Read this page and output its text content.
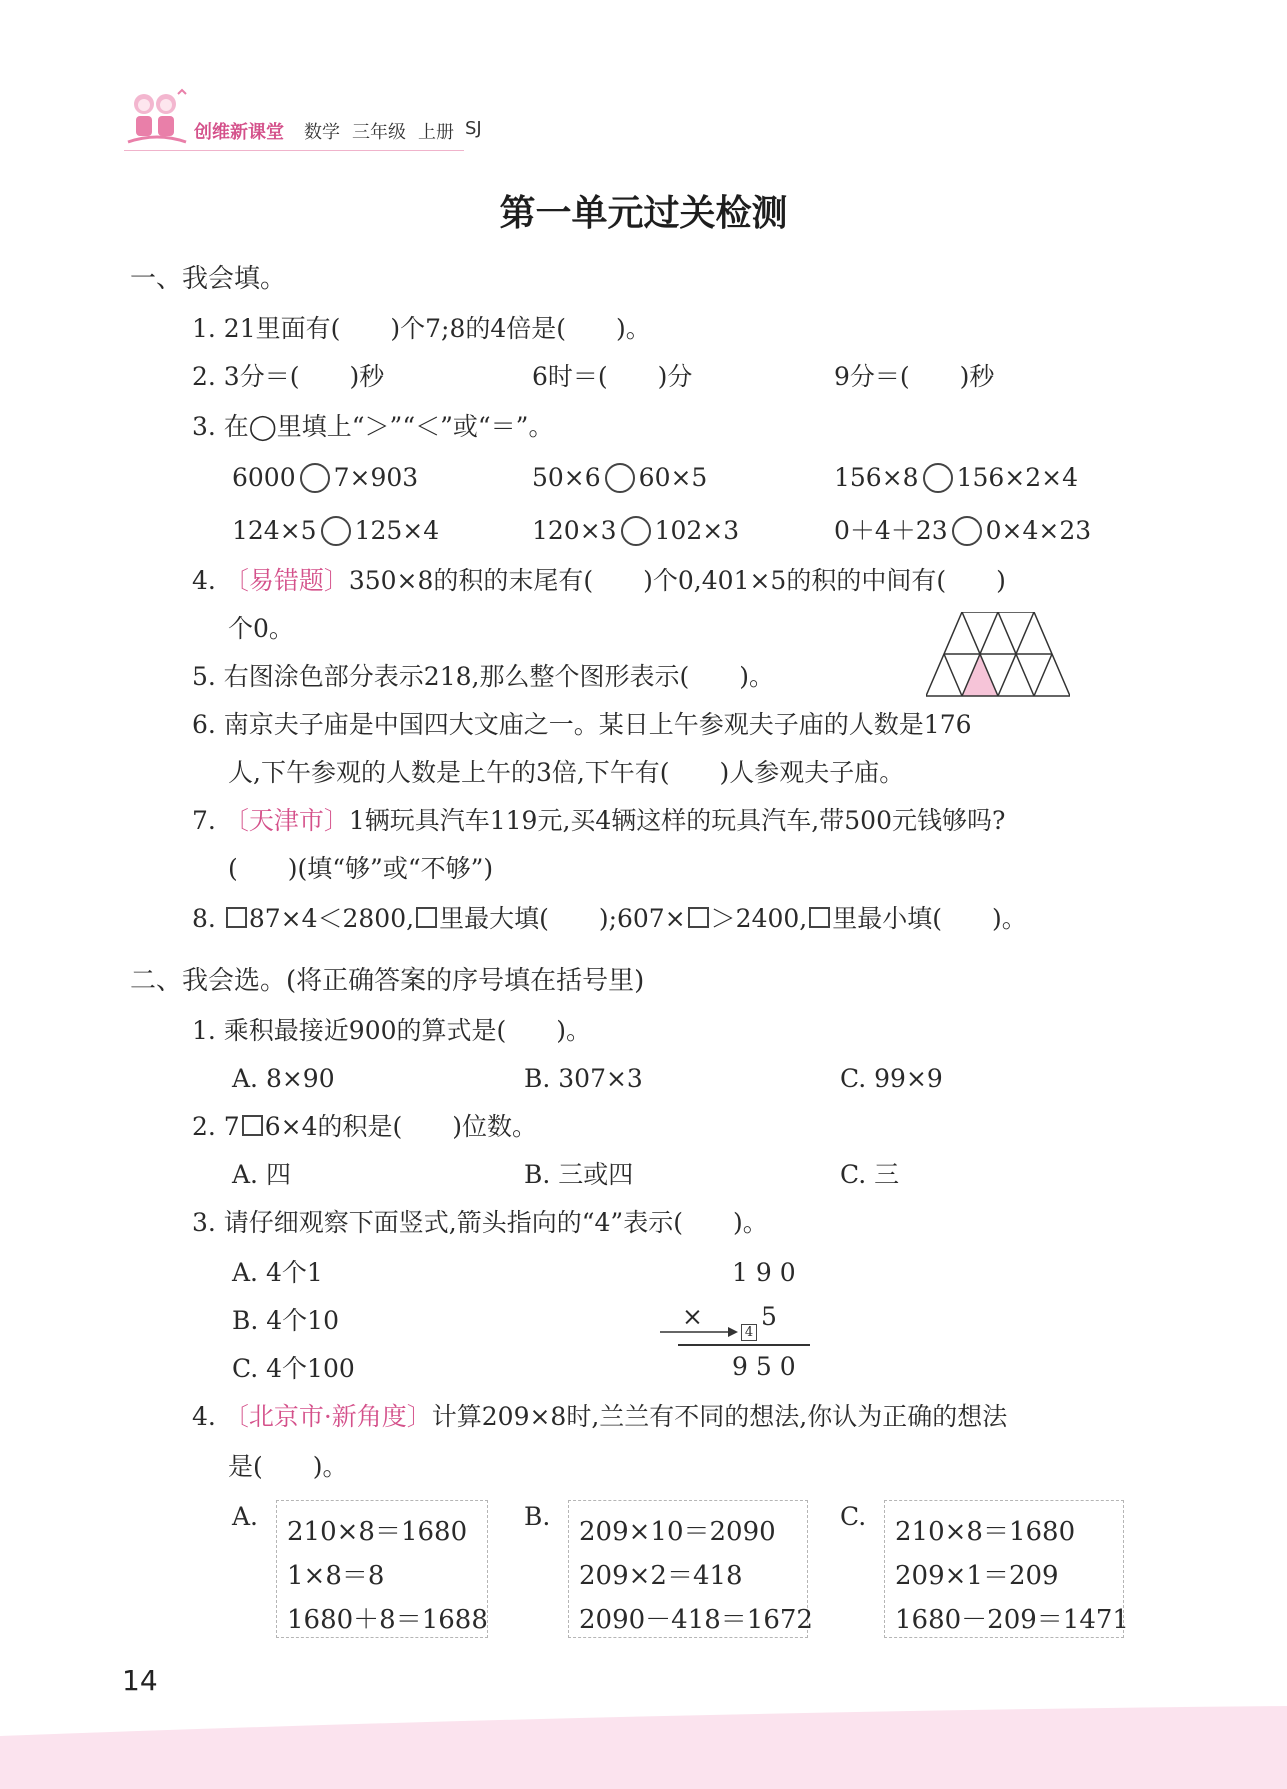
创维新课堂 数学 三年级 上册 SJ
第一单元过关检测
一、我会填。
1. 21里面有(　　)个7;8的4倍是(　　)。
2. 3分＝(　　)秒	6时＝(　　)分	9分＝(　　)秒
3. 在◯里填上“＞”“＜”或“＝”。
6000 7×903	50×6 60×5	156×8 156×2×4
124×5 125×4	120×3 102×3	0＋4＋23 0×4×23
4. 〔易错题〕350×8的积的末尾有(　　)个0,401×5的积的中间有(　　)
个0。
5. 右图涂色部分表示218,那么整个图形表示(　　)。
6. 南京夫子庙是中国四大文庙之一。某日上午参观夫子庙的人数是176
人,下午参观的人数是上午的3倍,下午有(　　)人参观夫子庙。
7. 〔天津市〕1辆玩具汽车119元,买4辆这样的玩具汽车,带500元钱够吗?
(　　)(填“够”或“不够”)
8. 87×4＜2800, 里最大填(　　);607× ＞2400, 里最小填(　　)。
二、我会选。(将正确答案的序号填在括号里)
1. 乘积最接近900的算式是(　　)。
A. 8×90	B. 307×3	C. 99×9
2. 7 6×4的积是(　　)位数。
A. 四	B. 三或四	C. 三
3. 请仔细观察下面竖式,箭头指向的“4”表示(　　)。
A. 4个1
B. 4个10
C. 4个100
1 9 0
× 5
4
9 5 0
4. 〔北京市·新角度〕计算209×8时,兰兰有不同的想法,你认为正确的想法
是(　　)。
A.
210×8＝1680
1×8＝8
1680＋8＝1688
B.
209×10＝2090
209×2＝418
2090－418＝1672
C.
210×8＝1680
209×1＝209
1680－209＝1471
14
